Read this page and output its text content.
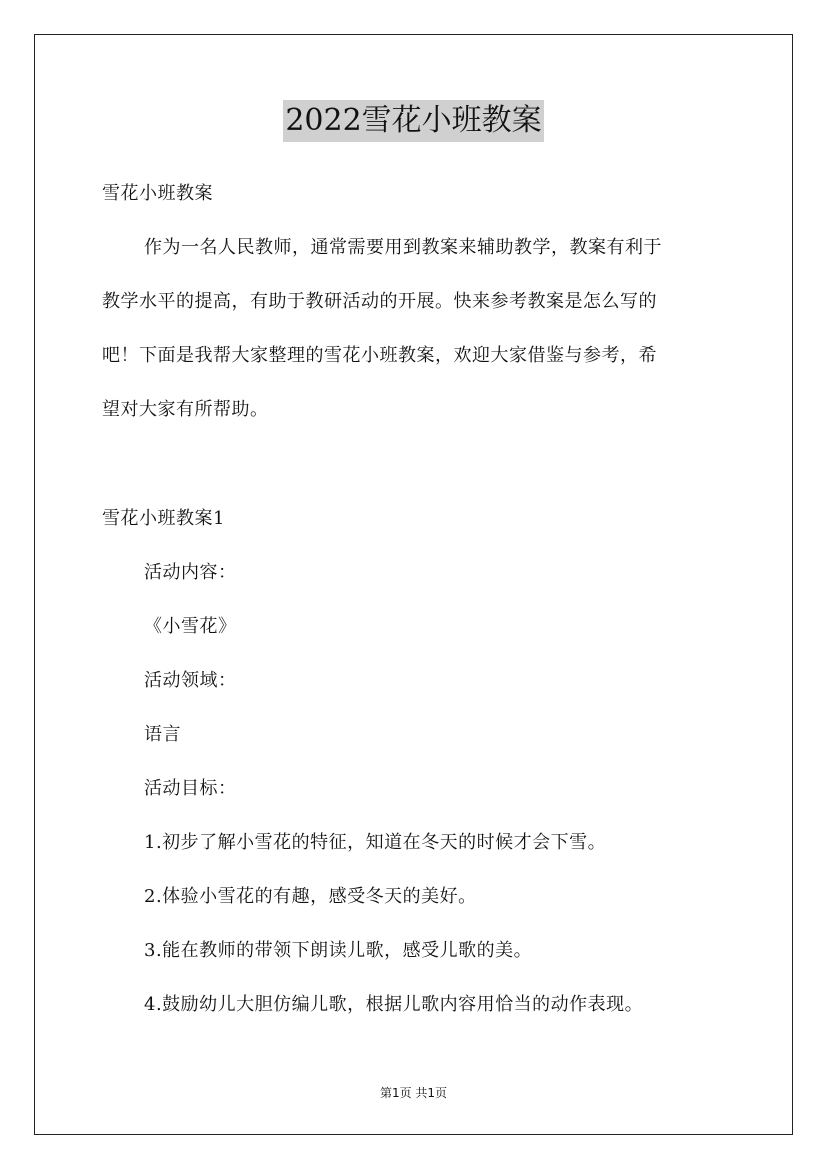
2022雪花小班教案
雪花小班教案
作为一名人民教师，通常需要用到教案来辅助教学，教案有利于
教学水平的提高，有助于教研活动的开展。快来参考教案是怎么写的
吧！下面是我帮大家整理的雪花小班教案，欢迎大家借鉴与参考，希
望对大家有所帮助。
雪花小班教案1
活动内容：
《小雪花》
活动领域：
语言
活动目标：
1.初步了解小雪花的特征，知道在冬天的时候才会下雪。
2.体验小雪花的有趣，感受冬天的美好。
3.能在教师的带领下朗读儿歌，感受儿歌的美。
4.鼓励幼儿大胆仿编儿歌，根据儿歌内容用恰当的动作表现。
第1页 共1页
